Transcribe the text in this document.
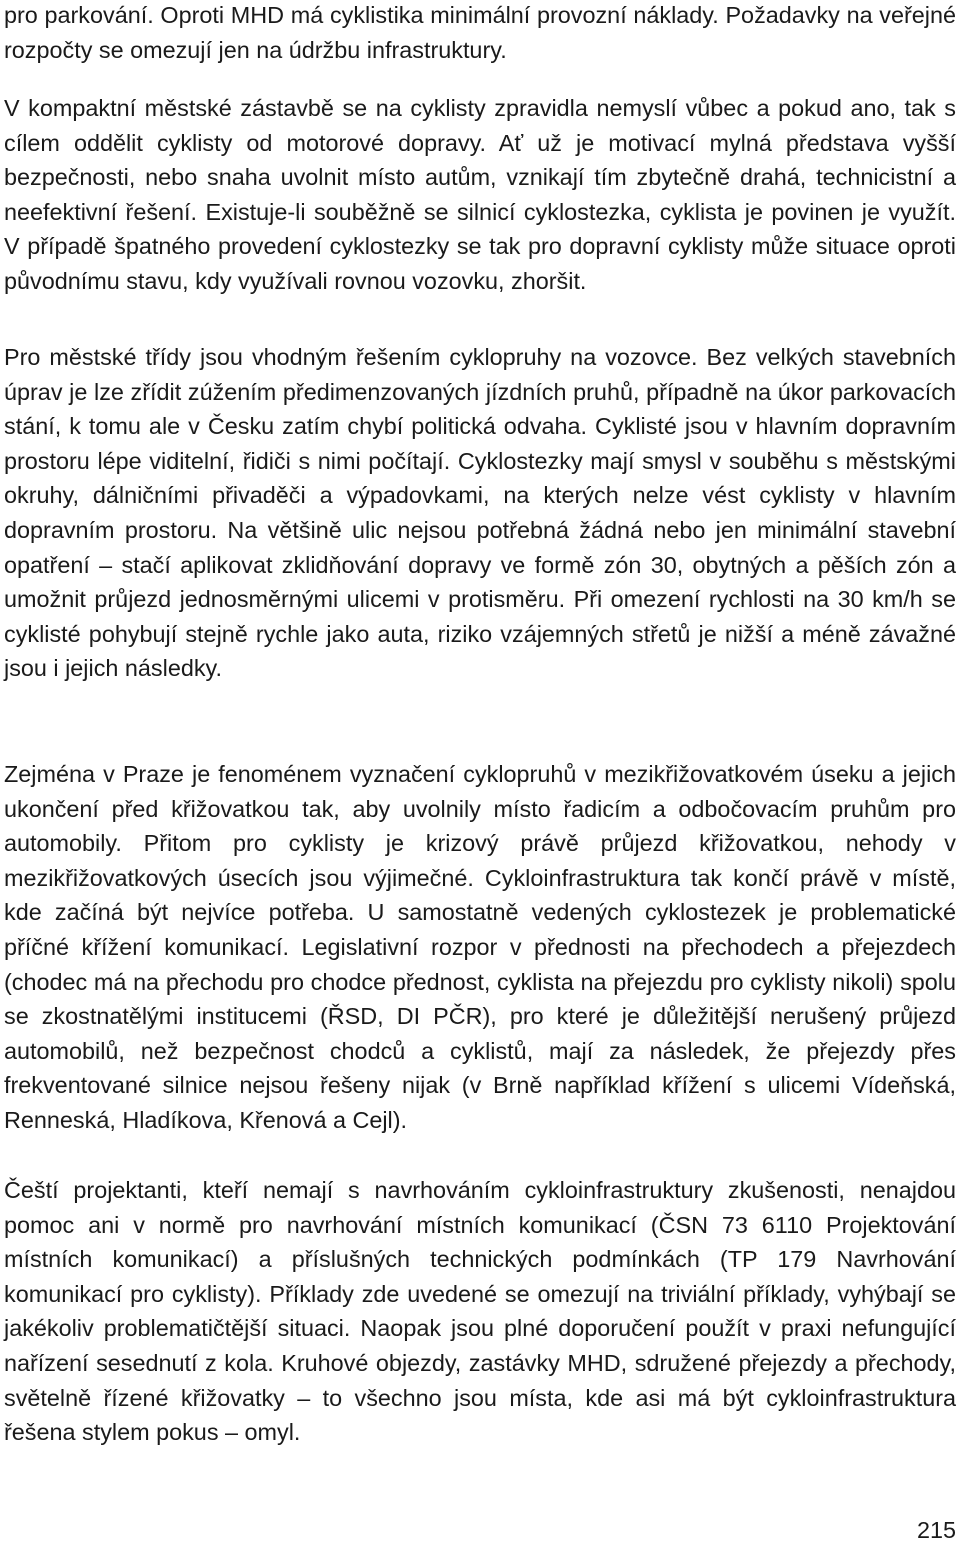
pro parkování. Oproti MHD má cyklistika minimální provozní náklady. Požadavky na veřejné rozpočty se omezují jen na údržbu infrastruktury.

V kompaktní městské zástavbě se na cyklisty zpravidla nemyslí vůbec a pokud ano, tak s cílem oddělit cyklisty od motorové dopravy. Ať už je motivací mylná představa vyšší bezpečnosti, nebo snaha uvolnit místo autům, vznikají tím zbytečně drahá, technicistní a neefektivní řešení. Existuje-li souběžně se silnicí cyklostezka, cyklista je povinen je využít. V případě špatného provedení cyklostezky se tak pro dopravní cyklisty může situace oproti původnímu stavu, kdy využívali rovnou vozovku, zhoršit.

Pro městské třídy jsou vhodným řešením cyklopruhy na vozovce. Bez velkých stavebních úprav je lze zřídit zúžením předimenzovaných jízdních pruhů, případně na úkor parkovacích stání, k tomu ale v Česku zatím chybí politická odvaha. Cyklisté jsou v hlavním dopravním prostoru lépe viditelní, řidiči s nimi počítají. Cyklostezky mají smysl v souběhu s městskými okruhy, dálničními přivaděči a výpadovkami, na kterých nelze vést cyklisty v hlavním dopravním prostoru. Na většině ulic nejsou potřebná žádná nebo jen minimální stavební opatření – stačí aplikovat zklidňování dopravy ve formě zón 30, obytných a pěších zón a umožnit průjezd jednosměrnými ulicemi v protisměru. Při omezení rychlosti na 30 km/h se cyklisté pohybují stejně rychle jako auta, riziko vzájemných střetů je nižší a méně závažné jsou i jejich následky.

Zejména v Praze je fenoménem vyznačení cyklopruhů v mezikřižovatkovém úseku a jejich ukončení před křižovatkou tak, aby uvolnily místo řadicím a odbočovacím pruhům pro automobily. Přitom pro cyklisty je krizový právě průjezd křižovatkou, nehody v mezikřižovatkových úsecích jsou výjimečné. Cykloinfrastruktura tak končí právě v místě, kde začíná být nejvíce potřeba. U samostatně vedených cyklostezek je problematické příčné křížení komunikací. Legislativní rozpor v přednosti na přechodech a přejezdech (chodec má na přechodu pro chodce přednost, cyklista na přejezdu pro cyklisty nikoli) spolu se zkostnatělými institucemi (ŘSD, DI PČR), pro které je důležitější nerušený průjezd automobilů, než bezpečnost chodců a cyklistů, mají za následek, že přejezdy přes frekventované silnice nejsou řešeny nijak (v Brně například křížení s ulicemi Vídeňská, Renneská, Hladíkova, Křenová a Cejl).

Čeští projektanti, kteří nemají s navrhováním cykloinfrastruktury zkušenosti, nenajdou pomoc ani v normě pro navrhování místních komunikací (ČSN 73 6110 Projektování místních komunikací) a příslušných technických podmínkách (TP 179 Navrhování komunikací pro cyklisty). Příklady zde uvedené se omezují na triviální příklady, vyhýbají se jakékoliv problematičtější situaci. Naopak jsou plné doporučení použít v praxi nefungující nařízení sesednutí z kola. Kruhové objezdy, zastávky MHD, sdružené přejezdy a přechody, světelně řízené křižovatky – to všechno jsou místa, kde asi má být cykloinfrastruktura řešena stylem pokus – omyl.

215
